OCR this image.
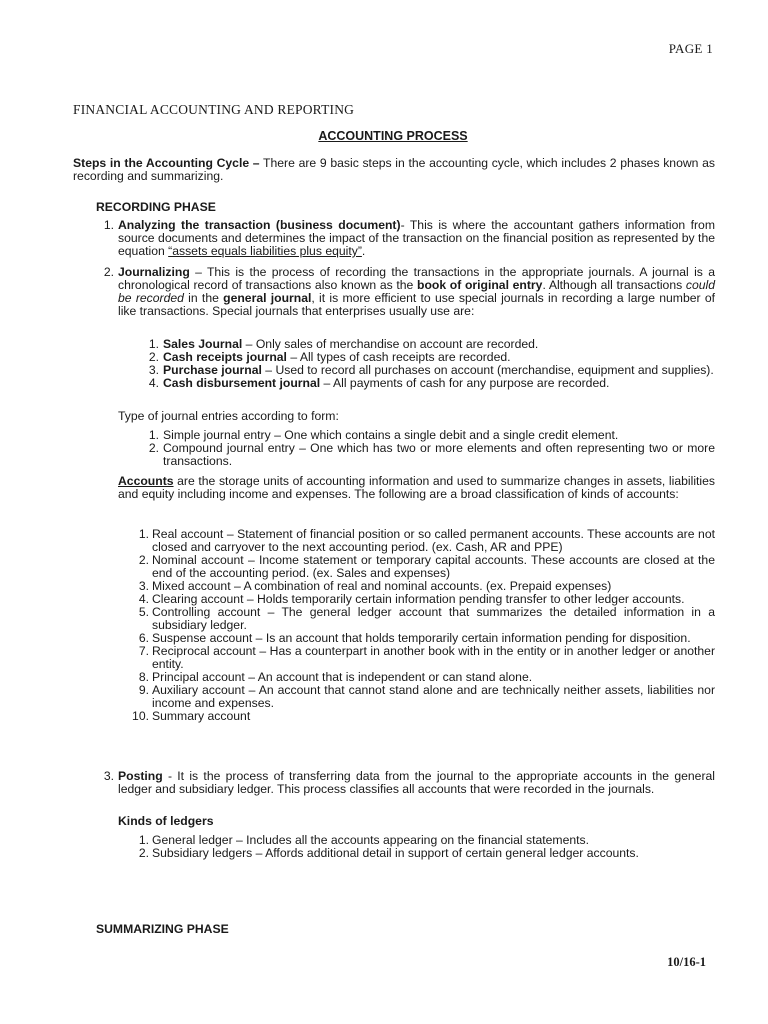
PAGE 1
FINANCIAL ACCOUNTING AND REPORTING
ACCOUNTING PROCESS
Steps in the Accounting Cycle – There are 9 basic steps in the accounting cycle, which includes 2 phases known as recording and summarizing.
RECORDING PHASE
1. Analyzing the transaction (business document)- This is where the accountant gathers information from source documents and determines the impact of the transaction on the financial position as represented by the equation “assets equals liabilities plus equity”.
2. Journalizing – This is the process of recording the transactions in the appropriate journals. A journal is a chronological record of transactions also known as the book of original entry. Although all transactions could be recorded in the general journal, it is more efficient to use special journals in recording a large number of like transactions. Special journals that enterprises usually use are:
1. Sales Journal – Only sales of merchandise on account are recorded.
2. Cash receipts journal – All types of cash receipts are recorded.
3. Purchase journal – Used to record all purchases on account (merchandise, equipment and supplies).
4. Cash disbursement journal – All payments of cash for any purpose are recorded.
Type of journal entries according to form:
1. Simple journal entry – One which contains a single debit and a single credit element.
2. Compound journal entry – One which has two or more elements and often representing two or more transactions.
Accounts are the storage units of accounting information and used to summarize changes in assets, liabilities and equity including income and expenses. The following are a broad classification of kinds of accounts:
1. Real account – Statement of financial position or so called permanent accounts. These accounts are not closed and carryover to the next accounting period. (ex. Cash, AR and PPE)
2. Nominal account – Income statement or temporary capital accounts. These accounts are closed at the end of the accounting period. (ex. Sales and expenses)
3. Mixed account – A combination of real and nominal accounts. (ex. Prepaid expenses)
4. Clearing account – Holds temporarily certain information pending transfer to other ledger accounts.
5. Controlling account – The general ledger account that summarizes the detailed information in a subsidiary ledger.
6. Suspense account – Is an account that holds temporarily certain information pending for disposition.
7. Reciprocal account – Has a counterpart in another book with in the entity or in another ledger or another entity.
8. Principal account – An account that is independent or can stand alone.
9. Auxiliary account – An account that cannot stand alone and are technically neither assets, liabilities nor income and expenses.
10. Summary account
3. Posting - It is the process of transferring data from the journal to the appropriate accounts in the general ledger and subsidiary ledger. This process classifies all accounts that were recorded in the journals.
Kinds of ledgers
1. General ledger – Includes all the accounts appearing on the financial statements.
2. Subsidiary ledgers – Affords additional detail in support of certain general ledger accounts.
SUMMARIZING PHASE
10/16-1
